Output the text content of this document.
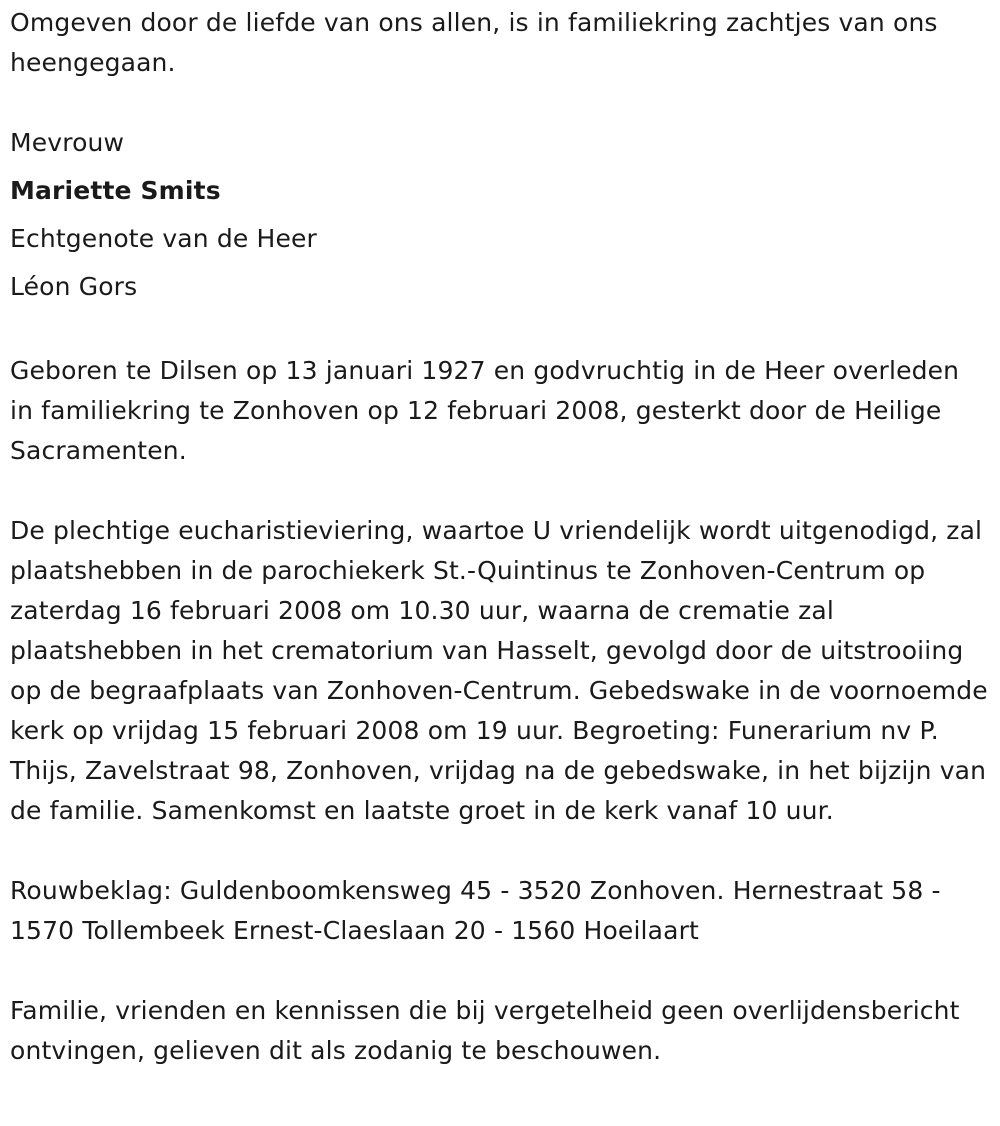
Omgeven door de liefde van ons allen, is in familiekring zachtjes van ons heengegaan.

Mevrouw
Mariette Smits
Echtgenote van de Heer
Léon Gors

Geboren te Dilsen op 13 januari 1927 en godvruchtig in de Heer overleden in familiekring te Zonhoven op 12 februari 2008, gesterkt door de Heilige Sacramenten.

De plechtige eucharistieviering, waartoe U vriendelijk wordt uitgenodigd, zal plaatshebben in de parochiekerk St.-Quintinus te Zonhoven-Centrum op zaterdag 16 februari 2008 om 10.30 uur, waarna de crematie zal plaatshebben in het crematorium van Hasselt, gevolgd door de uitstrooiing op de begraafplaats van Zonhoven-Centrum. Gebedswake in de voornoemde kerk op vrijdag 15 februari 2008 om 19 uur. Begroeting: Funerarium nv P. Thijs, Zavelstraat 98, Zonhoven, vrijdag na de gebedswake, in het bijzijn van de familie. Samenkomst en laatste groet in de kerk vanaf 10 uur.

Rouwbeklag: Guldenboomkensweg 45 - 3520 Zonhoven. Hernestraat 58 - 1570 Tollembeek Ernest-Claeslaan 20 - 1560 Hoeilaart

Familie, vrienden en kennissen die bij vergetelheid geen overlijdensbericht ontvingen, gelieven dit als zodanig te beschouwen.
